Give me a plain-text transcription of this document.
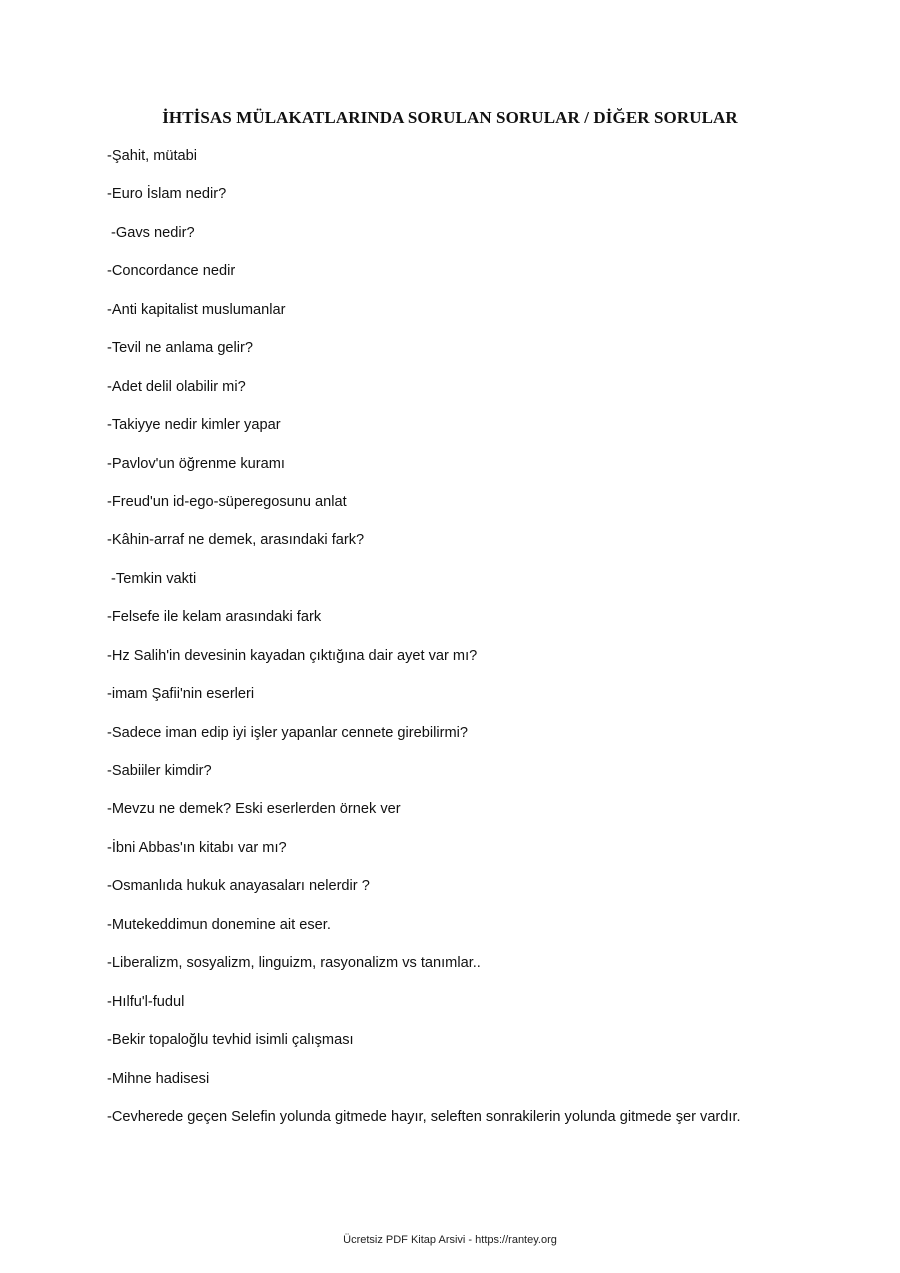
İHTİSAS MÜLAKATLARINDA SORULAN SORULAR / DİĞER SORULAR
-Şahit, mütabi
-Euro İslam nedir?
-Gavs nedir?
-Concordance nedir
-Anti kapitalist muslumanlar
-Tevil ne anlama gelir?
-Adet delil olabilir mi?
-Takiyye nedir kimler yapar
-Pavlov'un öğrenme kuramı
-Freud'un id-ego-süperegosunu anlat
-Kâhin-arraf ne demek, arasındaki fark?
-Temkin vakti
-Felsefe ile kelam arasındaki fark
-Hz Salih'in devesinin kayadan çıktığına dair ayet var mı?
-imam Şafii'nin eserleri
-Sadece iman edip iyi işler yapanlar cennete girebilirmi?
-Sabiiler kimdir?
-Mevzu ne demek? Eski eserlerden örnek ver
-İbni Abbas'ın kitabı var mı?
-Osmanlıda hukuk anayasaları nelerdir ?
-Mutekeddimun donemine ait eser.
-Liberalizm, sosyalizm, linguizm, rasyonalizm vs tanımlar..
-Hılfu'l-fudul
-Bekir topaloğlu tevhid isimli çalışması
-Mihne hadisesi
-Cevherede geçen Selefin yolunda gitmede hayır, seleften sonrakilerin yolunda gitmede şer vardır.
Ücretsiz PDF Kitap Arsivi - https://rantey.org
